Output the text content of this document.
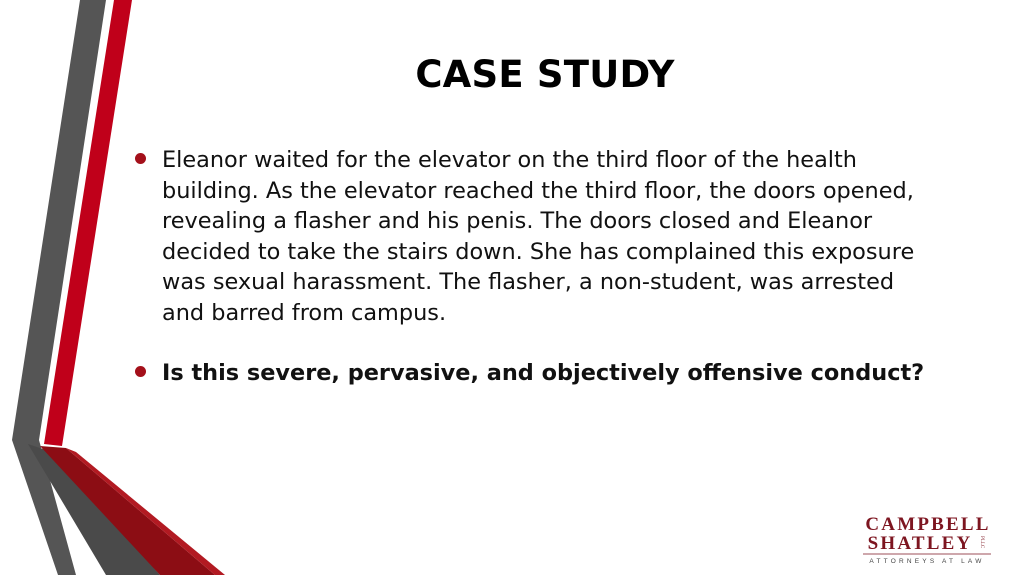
CASE STUDY
Eleanor waited for the elevator on the third floor of the health building. As the elevator reached the third floor, the doors opened, revealing a flasher and his penis. The doors closed and Eleanor decided to take the stairs down. She has complained this exposure was sexual harassment. The flasher, a non-student, was arrested and barred from campus.
Is this severe, pervasive, and objectively offensive conduct?
CAMPBELL
SHATLEY PLLC
ATTORNEYS AT LAW
